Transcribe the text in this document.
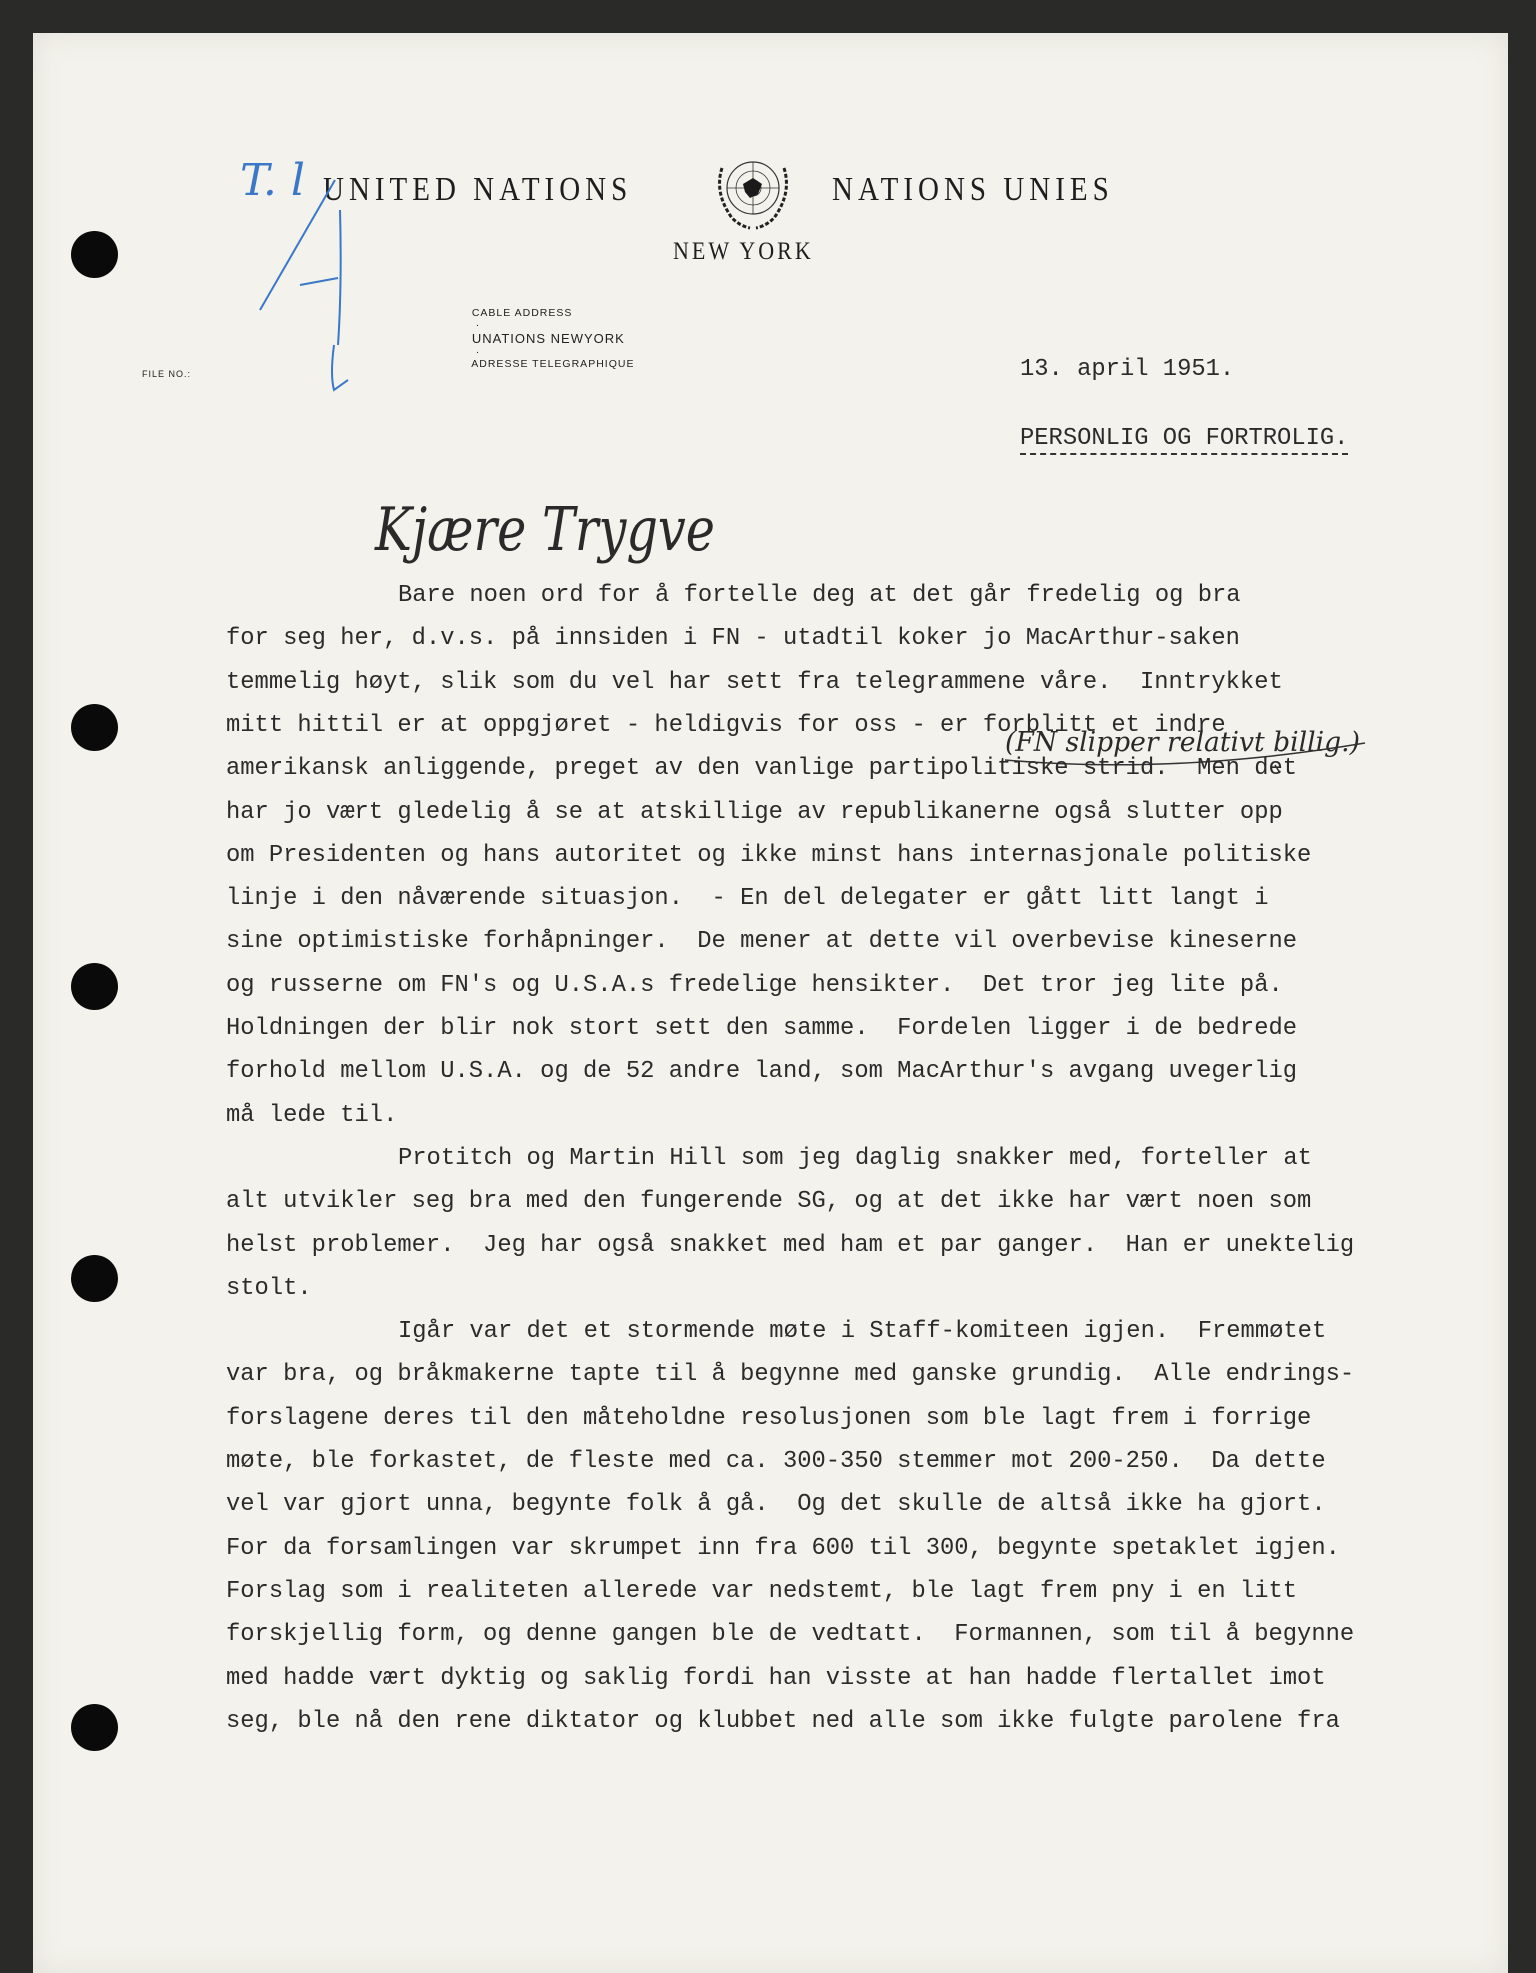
UNITED NATIONS	NATIONS UNIES
NEW YORK

CABLE ADDRESS
·
UNATIONS NEWYORK
·
ADRESSE TELEGRAPHIQUE

FILE NO.:	13. april 1951.
PERSONLIG OG FORTROLIG.
T. l
Kjære Trygve
(FN slipper relativt billig.)
Bare noen ord for å fortelle deg at det går fredelig og bra
for seg her, d.v.s. på innsiden i FN - utadtil koker jo MacArthur-saken
temmelig høyt, slik som du vel har sett fra telegrammene våre.  Inntrykket
mitt hittil er at oppgjøret - heldigvis for oss - er forblitt et indre
amerikansk anliggende, preget av den vanlige partipolitiske strid.  Men det
har jo vært gledelig å se at atskillige av republikanerne også slutter opp
om Presidenten og hans autoritet og ikke minst hans internasjonale politiske
linje i den nåværende situasjon.  - En del delegater er gått litt langt i
sine optimistiske forhåpninger.  De mener at dette vil overbevise kineserne
og russerne om FN's og U.S.A.s fredelige hensikter.  Det tror jeg lite på.
Holdningen der blir nok stort sett den samme.  Fordelen ligger i de bedrede
forhold mellom U.S.A. og de 52 andre land, som MacArthur's avgang uvegerlig
må lede til.
Protitch og Martin Hill som jeg daglig snakker med, forteller at
alt utvikler seg bra med den fungerende SG, og at det ikke har vært noen som
helst problemer.  Jeg har også snakket med ham et par ganger.  Han er unektelig
stolt.
Igår var det et stormende møte i Staff-komiteen igjen.  Fremmøtet
var bra, og bråkmakerne tapte til å begynne med ganske grundig.  Alle endrings-
forslagene deres til den måteholdne resolusjonen som ble lagt frem i forrige
møte, ble forkastet, de fleste med ca. 300-350 stemmer mot 200-250.  Da dette
vel var gjort unna, begynte folk å gå.  Og det skulle de altså ikke ha gjort.
For da forsamlingen var skrumpet inn fra 600 til 300, begynte spetaklet igjen.
Forslag som i realiteten allerede var nedstemt, ble lagt frem pny i en litt
forskjellig form, og denne gangen ble de vedtatt.  Formannen, som til å begynne
med hadde vært dyktig og saklig fordi han visste at han hadde flertallet imot
seg, ble nå den rene diktator og klubbet ned alle som ikke fulgte parolene fra
